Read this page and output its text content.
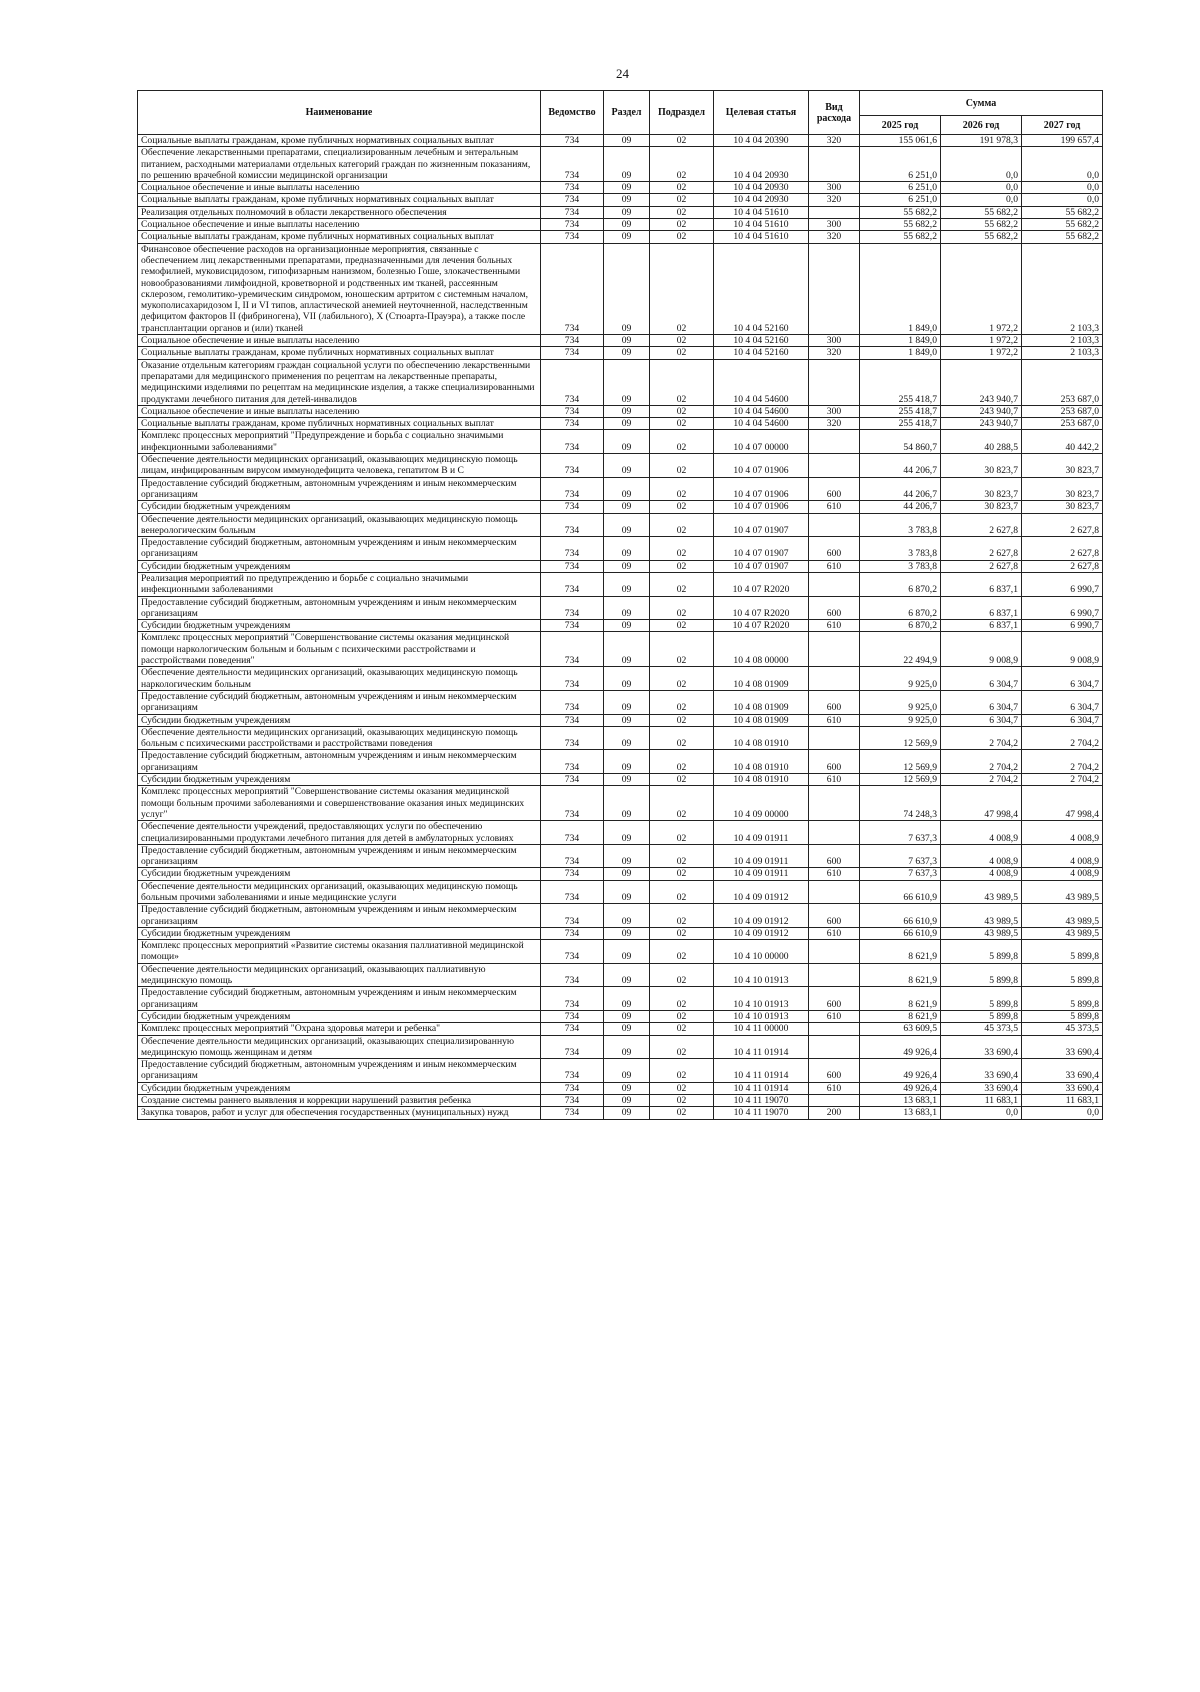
24
Наименование	Ведомство	Раздел	Подраздел	Целевая статья	Вид расхода	Сумма		
						2025 год	2026 год	2027 год
Социальные выплаты гражданам, кроме публичных нормативных социальных выплат	734	09	02	10 4 04 20390	320	155 061,6	191 978,3	199 657,4
Обеспечение лекарственными препаратами, специализированным лечебным и энтеральным питанием, расходными материалами отдельных категорий граждан по жизненным показаниям, по решению врачебной комиссии медицинской организации	734	09	02	10 4 04 20930		6 251,0	0,0	0,0
Социальное обеспечение и иные выплаты населению	734	09	02	10 4 04 20930	300	6 251,0	0,0	0,0
Социальные выплаты гражданам, кроме публичных нормативных социальных выплат	734	09	02	10 4 04 20930	320	6 251,0	0,0	0,0
Реализация отдельных полномочий в области лекарственного обеспечения	734	09	02	10 4 04 51610		55 682,2	55 682,2	55 682,2
Социальное обеспечение и иные выплаты населению	734	09	02	10 4 04 51610	300	55 682,2	55 682,2	55 682,2
Социальные выплаты гражданам, кроме публичных нормативных социальных выплат	734	09	02	10 4 04 51610	320	55 682,2	55 682,2	55 682,2
Финансовое обеспечение расходов на организационные мероприятия, связанные с обеспечением лиц лекарственными препаратами, предназначенными для лечения больных гемофилией, муковисцидозом, гипофизарным нанизмом, болезнью Гоше, злокачественными новообразованиями лимфоидной, кроветворной и родственных им тканей, рассеянным склерозом, гемолитико-уремическим синдромом, юношеским артритом с системным началом, мукополисахаридозом I, II и VI типов, апластической анемией неуточненной, наследственным дефицитом факторов II (фибриногена), VII (лабильного), X (Стюарта-Прауэра), а также после трансплантации органов и (или) тканей	734	09	02	10 4 04 52160		1 849,0	1 972,2	2 103,3
Социальное обеспечение и иные выплаты населению	734	09	02	10 4 04 52160	300	1 849,0	1 972,2	2 103,3
Социальные выплаты гражданам, кроме публичных нормативных социальных выплат	734	09	02	10 4 04 52160	320	1 849,0	1 972,2	2 103,3
Оказание отдельным категориям граждан социальной услуги по обеспечению лекарственными препаратами для медицинского применения по рецептам на лекарственные препараты, медицинскими изделиями по рецептам на медицинские изделия, а также специализированными продуктами лечебного питания для детей-инвалидов	734	09	02	10 4 04 54600		255 418,7	243 940,7	253 687,0
Социальное обеспечение и иные выплаты населению	734	09	02	10 4 04 54600	300	255 418,7	243 940,7	253 687,0
Социальные выплаты гражданам, кроме публичных нормативных социальных выплат	734	09	02	10 4 04 54600	320	255 418,7	243 940,7	253 687,0
Комплекс процессных мероприятий "Предупреждение и борьба с социально значимыми инфекционными заболеваниями"	734	09	02	10 4 07 00000		54 860,7	40 288,5	40 442,2
Обеспечение деятельности медицинских организаций, оказывающих медицинскую помощь лицам, инфицированным вирусом иммунодефицита человека, гепатитом В и С	734	09	02	10 4 07 01906		44 206,7	30 823,7	30 823,7
Предоставление субсидий бюджетным, автономным учреждениям и иным некоммерческим организациям	734	09	02	10 4 07 01906	600	44 206,7	30 823,7	30 823,7
Субсидии бюджетным учреждениям	734	09	02	10 4 07 01906	610	44 206,7	30 823,7	30 823,7
Обеспечение деятельности медицинских организаций, оказывающих медицинскую помощь венерологическим больным	734	09	02	10 4 07 01907		3 783,8	2 627,8	2 627,8
Предоставление субсидий бюджетным, автономным учреждениям и иным некоммерческим организациям	734	09	02	10 4 07 01907	600	3 783,8	2 627,8	2 627,8
Субсидии бюджетным учреждениям	734	09	02	10 4 07 01907	610	3 783,8	2 627,8	2 627,8
Реализация мероприятий по предупреждению и борьбе с социально значимыми инфекционными заболеваниями	734	09	02	10 4 07 R2020		6 870,2	6 837,1	6 990,7
Предоставление субсидий бюджетным, автономным учреждениям и иным некоммерческим организациям	734	09	02	10 4 07 R2020	600	6 870,2	6 837,1	6 990,7
Субсидии бюджетным учреждениям	734	09	02	10 4 07 R2020	610	6 870,2	6 837,1	6 990,7
Комплекс процессных мероприятий "Совершенствование системы оказания медицинской помощи наркологическим больным и больным с психическими расстройствами и расстройствами поведения"	734	09	02	10 4 08 00000		22 494,9	9 008,9	9 008,9
Обеспечение деятельности медицинских организаций, оказывающих медицинскую помощь наркологическим больным	734	09	02	10 4 08 01909		9 925,0	6 304,7	6 304,7
Предоставление субсидий бюджетным, автономным учреждениям и иным некоммерческим организациям	734	09	02	10 4 08 01909	600	9 925,0	6 304,7	6 304,7
Субсидии бюджетным учреждениям	734	09	02	10 4 08 01909	610	9 925,0	6 304,7	6 304,7
Обеспечение деятельности медицинских организаций, оказывающих медицинскую помощь больным с психическими расстройствами и расстройствами поведения	734	09	02	10 4 08 01910		12 569,9	2 704,2	2 704,2
Предоставление субсидий бюджетным, автономным учреждениям и иным некоммерческим организациям	734	09	02	10 4 08 01910	600	12 569,9	2 704,2	2 704,2
Субсидии бюджетным учреждениям	734	09	02	10 4 08 01910	610	12 569,9	2 704,2	2 704,2
Комплекс процессных мероприятий "Совершенствование системы оказания медицинской помощи больным прочими заболеваниями и совершенствование оказания иных медицинских услуг"	734	09	02	10 4 09 00000		74 248,3	47 998,4	47 998,4
Обеспечение деятельности учреждений, предоставляющих услуги по обеспечению специализированными продуктами лечебного питания для детей в амбулаторных условиях	734	09	02	10 4 09 01911		7 637,3	4 008,9	4 008,9
Предоставление субсидий бюджетным, автономным учреждениям и иным некоммерческим организациям	734	09	02	10 4 09 01911	600	7 637,3	4 008,9	4 008,9
Субсидии бюджетным учреждениям	734	09	02	10 4 09 01911	610	7 637,3	4 008,9	4 008,9
Обеспечение деятельности медицинских организаций, оказывающих медицинскую помощь больным прочими заболеваниями и иные медицинские услуги	734	09	02	10 4 09 01912		66 610,9	43 989,5	43 989,5
Предоставление субсидий бюджетным, автономным учреждениям и иным некоммерческим организациям	734	09	02	10 4 09 01912	600	66 610,9	43 989,5	43 989,5
Субсидии бюджетным учреждениям	734	09	02	10 4 09 01912	610	66 610,9	43 989,5	43 989,5
Комплекс процессных мероприятий «Развитие системы оказания паллиативной медицинской помощи»	734	09	02	10 4 10 00000		8 621,9	5 899,8	5 899,8
Обеспечение деятельности медицинских организаций, оказывающих паллиативную медицинскую помощь	734	09	02	10 4 10 01913		8 621,9	5 899,8	5 899,8
Предоставление субсидий бюджетным, автономным учреждениям и иным некоммерческим организациям	734	09	02	10 4 10 01913	600	8 621,9	5 899,8	5 899,8
Субсидии бюджетным учреждениям	734	09	02	10 4 10 01913	610	8 621,9	5 899,8	5 899,8
Комплекс процессных мероприятий "Охрана здоровья матери и ребенка"	734	09	02	10 4 11 00000		63 609,5	45 373,5	45 373,5
Обеспечение деятельности медицинских организаций, оказывающих специализированную медицинскую помощь женщинам и детям	734	09	02	10 4 11 01914		49 926,4	33 690,4	33 690,4
Предоставление субсидий бюджетным, автономным учреждениям и иным некоммерческим организациям	734	09	02	10 4 11 01914	600	49 926,4	33 690,4	33 690,4
Субсидии бюджетным учреждениям	734	09	02	10 4 11 01914	610	49 926,4	33 690,4	33 690,4
Создание системы раннего выявления и коррекции нарушений развития ребенка	734	09	02	10 4 11 19070		13 683,1	11 683,1	11 683,1
Закупка товаров, работ и услуг для обеспечения государственных (муниципальных) нужд	734	09	02	10 4 11 19070	200	13 683,1	0,0	0,0
